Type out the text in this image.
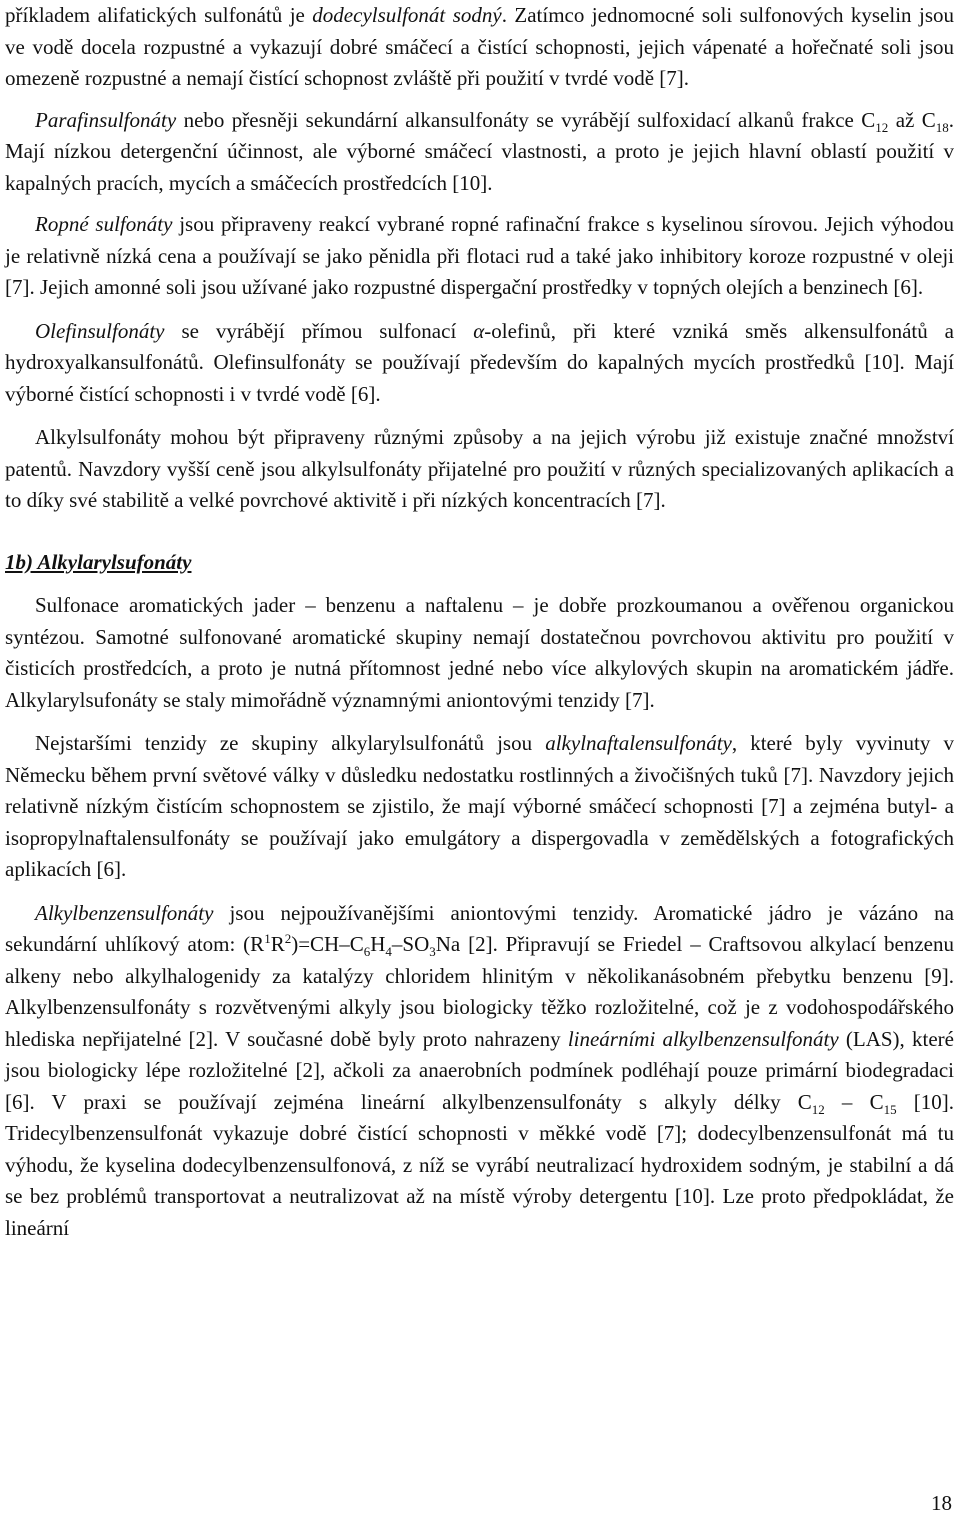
příkladem alifatických sulfonátů je dodecylsulfonát sodný. Zatímco jednomocné soli sulfonových kyselin jsou ve vodě docela rozpustné a vykazují dobré smáčecí a čistící schopnosti, jejich vápenaté a hořečnaté soli jsou omezeně rozpustné a nemají čistící schopnost zvláště při použití v tvrdé vodě [7].

Parafinsulfonáty nebo přesněji sekundární alkansulfonáty se vyrábějí sulfoxidací alkanů frakce $C_{12}$ až $C_{18}$. Mají nízkou detergenční účinnost, ale výborné smáčecí vlastnosti, a proto je jejich hlavní oblastí použití v kapalných pracích, mycích a smáčecích prostředcích [10].

Ropné sulfonáty jsou připraveny reakcí vybrané ropné rafinační frakce s kyselinou sírovou. Jejich výhodou je relativně nízká cena a používají se jako pěnidla při flotaci rud a také jako inhibitory koroze rozpustné v oleji [7]. Jejich amonné soli jsou užívané jako rozpustné dispergační prostředky v topných olejích a benzinech [6].

Olefinsulfonáty se vyrábějí přímou sulfonací α-olefinů, při které vzniká směs alkensulfonátů a hydroxyalkansulfonátů. Olefinsulfonáty se používají především do kapalných mycích prostředků [10]. Mají výborné čistící schopnosti i v tvrdé vodě [6].

Alkylsulfonáty mohou být připraveny různými způsoby a na jejich výrobu již existuje značné množství patentů. Navzdory vyšší ceně jsou alkylsulfonáty přijatelné pro použití v různých specializovaných aplikacích a to díky své stabilitě a velké povrchové aktivitě i při nízkých koncentracích [7].

1b) Alkylarylsufonáty

Sulfonace aromatických jader – benzenu a naftalenu – je dobře prozkoumanou a ověřenou organickou syntézou. Samotné sulfonované aromatické skupiny nemají dostatečnou povrchovou aktivitu pro použití v čisticích prostředcích, a proto je nutná přítomnost jedné nebo více alkylových skupin na aromatickém jádře. Alkylarylsufonáty se staly mimořádně významnými aniontovými tenzidy [7].

Nejstaršími tenzidy ze skupiny alkylarylsulfonátů jsou alkylnaftalensulfonáty, které byly vyvinuty v Německu během první světové války v důsledku nedostatku rostlinných a živočišných tuků [7]. Navzdory jejich relativně nízkým čistícím schopnostem se zjistilo, že mají výborné smáčecí schopnosti [7] a zejména butyl- a isopropylnaftalensulfonáty se používají jako emulgátory a dispergovadla v zemědělských a fotografických aplikacích [6].

Alkylbenzensulfonáty jsou nejpoužívanějšími aniontovými tenzidy. Aromatické jádro je vázáno na sekundární uhlíkový atom: $(R^1R^2)=CH-C_6H_4-SO_3Na$ [2]. Připravují se Friedel – Craftsovou alkylací benzenu alkeny nebo alkylhalogenidy za katalýzy chloridem hlinitým v několikanásobném přebytku benzenu [9]. Alkylbenzensulfonáty s rozvětvenými alkyly jsou biologicky těžko rozložitelné, což je z vodohospodářského hlediska nepřijatelné [2]. V současné době byly proto nahrazeny lineárními alkylbenzensulfonáty (LAS), které jsou biologicky lépe rozložitelné [2], ačkoli za anaerobních podmínek podléhají pouze primární biodegradaci [6]. V praxi se používají zejména lineární alkylbenzensulfonáty s alkyly délky $C_{12} - C_{15}$ [10]. Tridecylbenzensulfonát vykazuje dobré čistící schopnosti v měkké vodě [7]; dodecylbenzensulfonát má tu výhodu, že kyselina dodecylbenzensulfonová, z níž se vyrábí neutralizací hydroxidem sodným, je stabilní a dá se bez problémů transportovat a neutralizovat až na místě výroby detergentu [10]. Lze proto předpokládat, že lineární

18
